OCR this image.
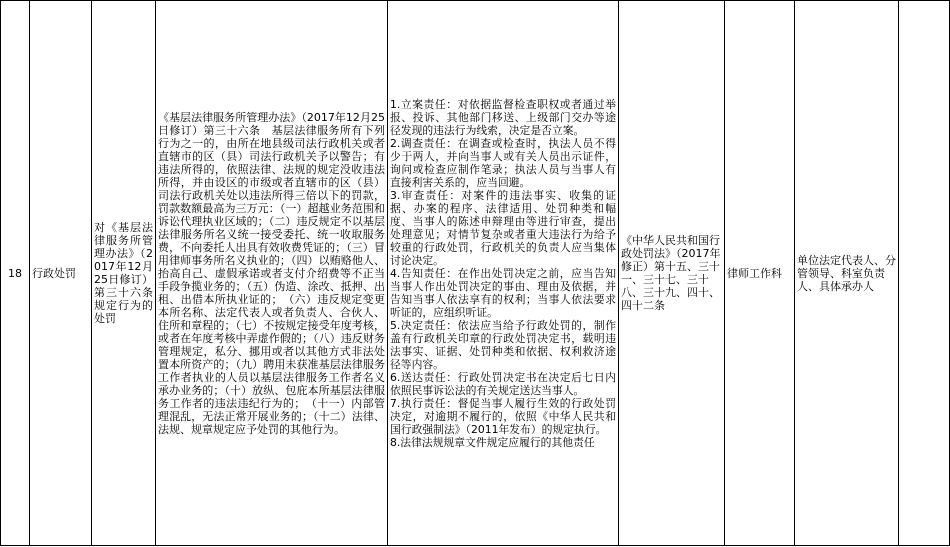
18	行政处罚	对《基层法律服务所管理办法》（2017年12月25日修订）第三十六条规定行为的处罚	《基层法律服务所管理办法》（2017年12月25日修订）第三十六条　基层法律服务所有下列行为之一的，由所在地县级司法行政机关或者直辖市的区（县）司法行政机关予以警告；有违法所得的，依照法律、法规的规定没收违法所得，并由设区的市级或者直辖市的区（县）司法行政机关处以违法所得三倍以下的罚款，罚款数额最高为三万元：（一）超越业务范围和诉讼代理执业区域的；（二）违反规定不以基层法律服务所名义统一接受委托、统一收取服务费，不向委托人出具有效收费凭证的；（三）冒用律师事务所名义执业的；（四）以贿赂他人、抬高自己、虚假承诺或者支付介绍费等不正当手段争揽业务的；（五）伪造、涂改、抵押、出租、出借本所执业证的；　（六）违反规定变更本所名称、法定代表人或者负责人、合伙人、住所和章程的；（七）不按规定接受年度考核，或者在年度考核中弄虚作假的；（八）违反财务管理规定，私分、挪用或者以其他方式非法处置本所资产的；（九）聘用未获准基层法律服务工作者执业的人员以基层法律服务工作者名义承办业务的；（十）放纵、包庇本所基层法律服务工作者的违法违纪行为的；　（十一）内部管理混乱，无法正常开展业务的；（十二）法律、法规、规章规定应予处罚的其他行为。	
1.立案责任：对依据监督检查职权或者通过举报、投诉、其他部门移送、上级部门交办等途径发现的违法行为线索，决定是否立案。
2.调查责任：在调查或检查时，执法人员不得少于两人，并向当事人或有关人员出示证件，询问或检查应制作笔录；执法人员与当事人有直接利害关系的，应当回避。
3.审查责任：对案件的违法事实、收集的证据、办案的程序、法律适用、处罚种类和幅度、当事人的陈述申辩理由等进行审查，提出处理意见；对情节复杂或者重大违法行为给予较重的行政处罚，行政机关的负责人应当集体讨论决定。
4.告知责任：在作出处罚决定之前，应当告知当事人作出处罚决定的事由、理由及依据，并告知当事人依法享有的权利；当事人依法要求听证的，应组织听证。
5.决定责任：依法应当给予行政处罚的，制作盖有行政机关印章的行政处罚决定书，载明违法事实、证据、处罚种类和依据、权利救济途径等内容。
6.送达责任：行政处罚决定书在决定后七日内依照民事诉讼法的有关规定送达当事人。
7.执行责任：督促当事人履行生效的行政处罚决定，对逾期不履行的，依照《中华人民共和国行政强制法》（2011年发布）的规定执行。
8.法律法规规章文件规定应履行的其他责任
	《中华人民共和国行政处罚法》（2017年修正）第十五、三十一、三十七、三十八、三十九、四十、四十二条	律师工作科	单位法定代表人、分管领导、科室负责人、具体承办人	
